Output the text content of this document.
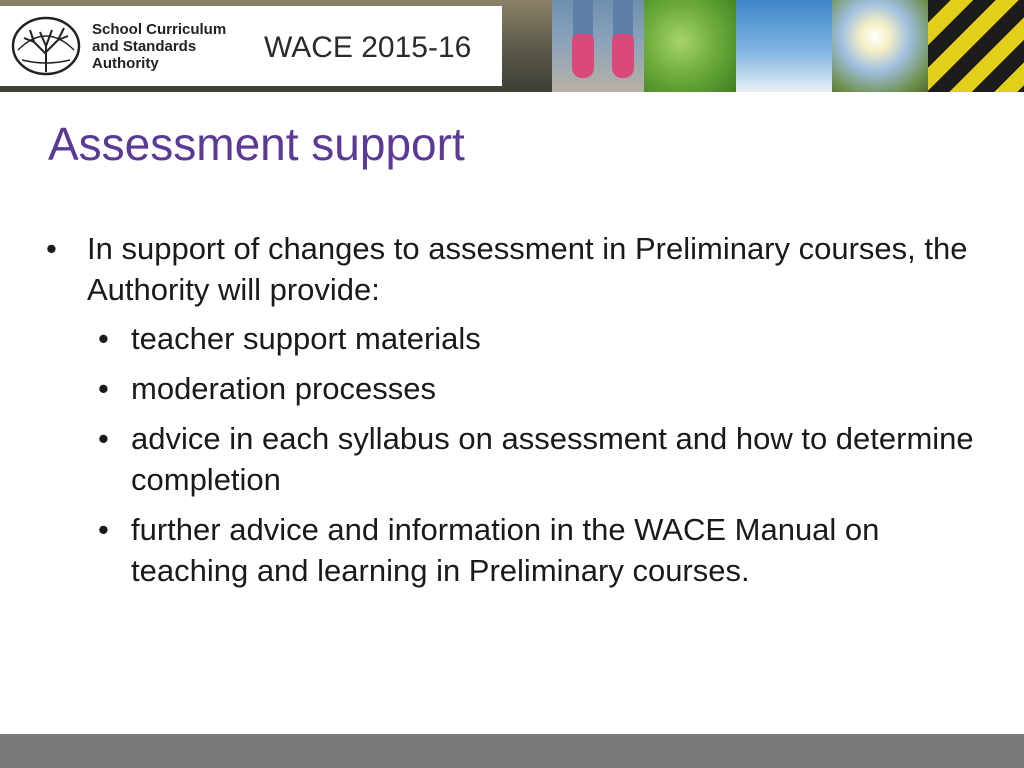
School Curriculum
and Standards
Authority	WACE 2015-16
Assessment support
• In support of changes to assessment in Preliminary courses, the Authority will provide:
• teacher support materials
• moderation processes
• advice in each syllabus on assessment and how to determine completion
• further advice and information in the WACE Manual on teaching and learning in Preliminary courses.
